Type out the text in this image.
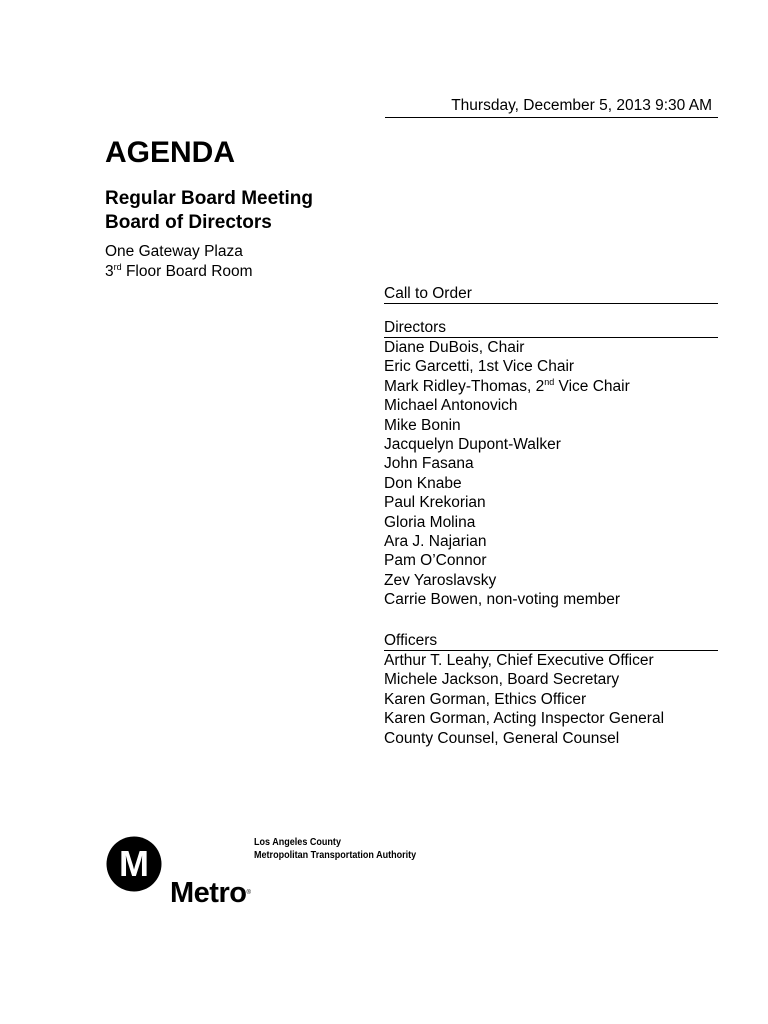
Thursday, December 5, 2013 9:30 AM
AGENDA
Regular Board Meeting
Board of Directors
One Gateway Plaza
3rd Floor Board Room
Call to Order
Directors
Diane DuBois, Chair
Eric Garcetti, 1st Vice Chair
Mark Ridley-Thomas, 2nd Vice Chair
Michael Antonovich
Mike Bonin
Jacquelyn Dupont-Walker
John Fasana
Don Knabe
Paul Krekorian
Gloria Molina
Ara J. Najarian
Pam O’Connor
Zev Yaroslavsky
Carrie Bowen, non-voting member
Officers
Arthur T. Leahy, Chief Executive Officer
Michele Jackson, Board Secretary
Karen Gorman, Ethics Officer
Karen Gorman, Acting Inspector General
County Counsel, General Counsel
M
Metro®
Los Angeles County
Metropolitan Transportation Authority
